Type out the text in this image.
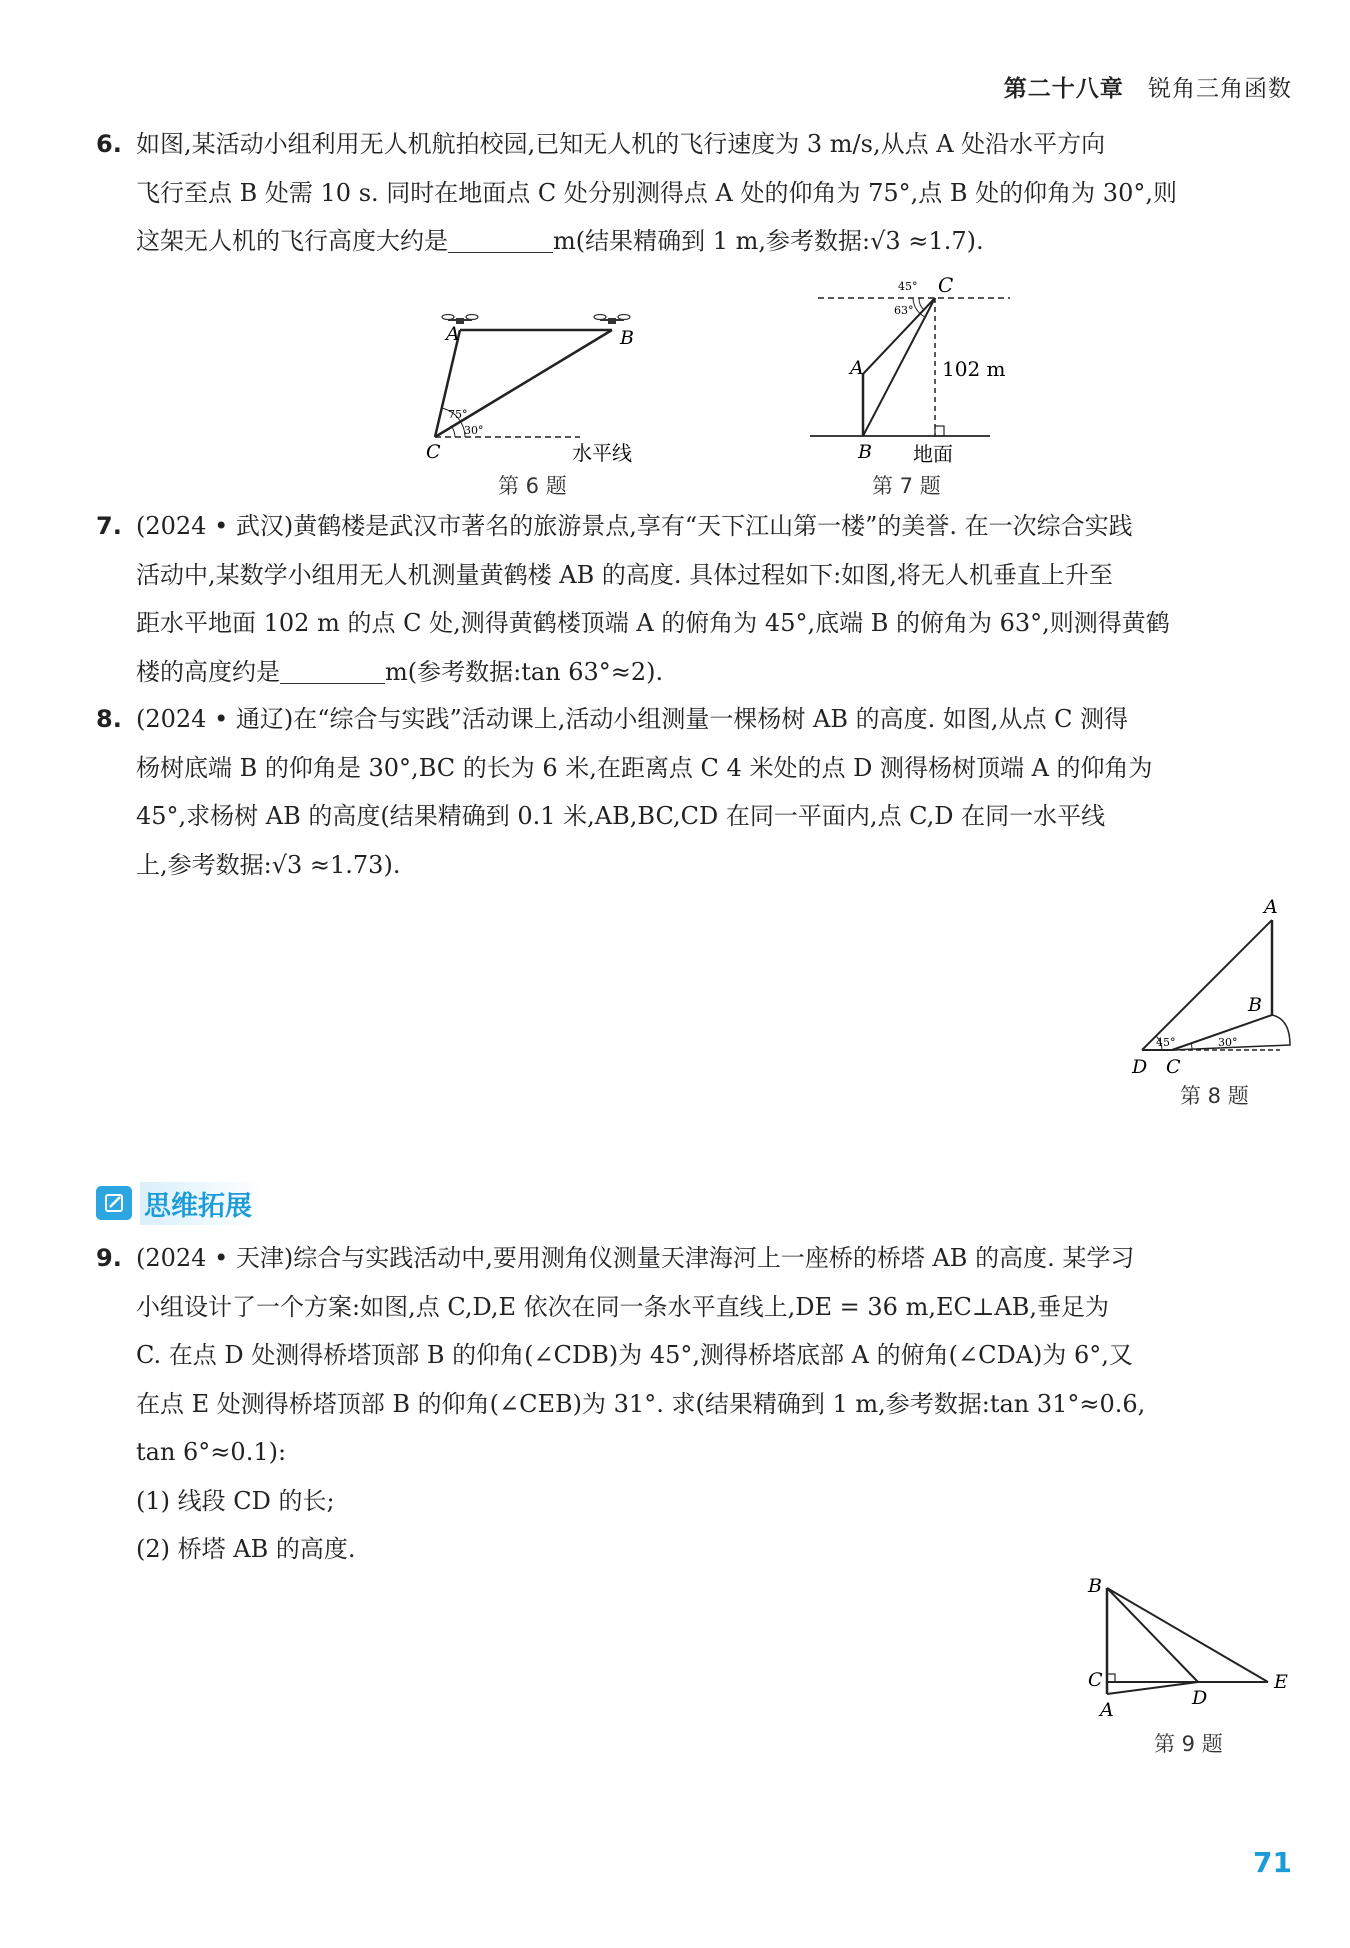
第二十八章 锐角三角函数
6. 如图,某活动小组利用无人机航拍校园,已知无人机的飞行速度为 3 m/s,从点 A 处沿水平方向
飞行至点 B 处需 10 s. 同时在地面点 C 处分别测得点 A 处的仰角为 75°,点 B 处的仰角为 30°,则
这架无人机的飞行高度大约是	m(结果精确到 1 m,参考数据:√3 ≈1.7).
A	B
C
75°
30°
水平线
第 6 题
C
45°
63°
A
B
102 m
地面
第 7 题
7. (2024 • 武汉)黄鹤楼是武汉市著名的旅游景点,享有“天下江山第一楼”的美誉. 在一次综合实践
活动中,某数学小组用无人机测量黄鹤楼 AB 的高度. 具体过程如下:如图,将无人机垂直上升至
距水平地面 102 m 的点 C 处,测得黄鹤楼顶端 A 的俯角为 45°,底端 B 的俯角为 63°,则测得黄鹤
楼的高度约是	m(参考数据:tan 63°≈2).
8. (2024 • 通辽)在“综合与实践”活动课上,活动小组测量一棵杨树 AB 的高度. 如图,从点 C 测得
杨树底端 B 的仰角是 30°,BC 的长为 6 米,在距离点 C 4 米处的点 D 测得杨树顶端 A 的仰角为
45°,求杨树 AB 的高度(结果精确到 0.1 米,AB,BC,CD 在同一平面内,点 C,D 在同一水平线
上,参考数据:√3 ≈1.73).
A
B
C
D
45°	30°
第 8 题
思维拓展
9. (2024 • 天津)综合与实践活动中,要用测角仪测量天津海河上一座桥的桥塔 AB 的高度. 某学习
小组设计了一个方案:如图,点 C,D,E 依次在同一条水平直线上,DE = 36 m,EC⊥AB,垂足为
C. 在点 D 处测得桥塔顶部 B 的仰角(∠CDB)为 45°,测得桥塔底部 A 的俯角(∠CDA)为 6°,又
在点 E 处测得桥塔顶部 B 的仰角(∠CEB)为 31°. 求(结果精确到 1 m,参考数据:tan 31°≈0.6,
tan 6°≈0.1):
(1) 线段 CD 的长;
(2) 桥塔 AB 的高度.
B
C
A
D
E
第 9 题
71
